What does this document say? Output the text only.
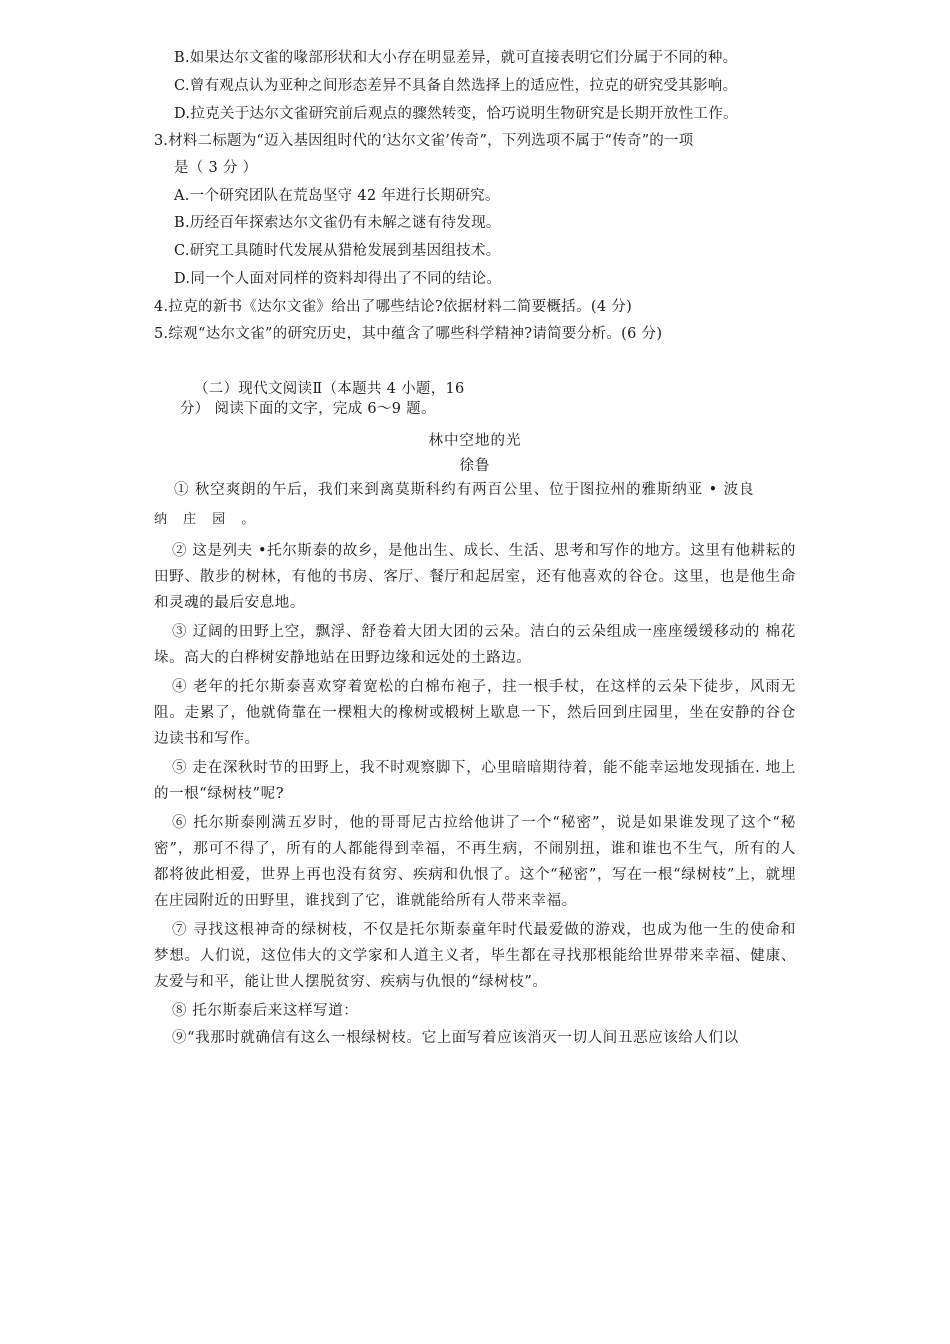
B.如果达尔文雀的喙部形状和大小存在明显差异，就可直接表明它们分属于不同的种。
C.曾有观点认为亚种之间形态差异不具备自然选择上的适应性，拉克的研究受其影响。
D.拉克关于达尔文雀研究前后观点的骤然转变，恰巧说明生物研究是长期开放性工作。
3.材料二标题为“迈入基因组时代的‘达尔文雀’传奇”，下列选项不属于“传奇”的一项
是（ 3 分 ）
A.一个研究团队在荒岛坚守 42 年进行长期研究。
B.历经百年探索达尔文雀仍有未解之谜有待发现。
C.研究工具随时代发展从猎枪发展到基因组技术。
D.同一个人面对同样的资料却得出了不同的结论。
4.拉克的新书《达尔文雀》给出了哪些结论?依据材料二简要概括。(4 分)
5.综观“达尔文雀”的研究历史，其中蕴含了哪些科学精神?请简要分析。(6 分)
（二）现代文阅读Ⅱ（本题共 4 小题，16
分） 阅读下面的文字，完成 6～9 题。
林中空地的光
徐鲁
① 秋空爽朗的午后，我们来到离莫斯科约有两百公里、位于图拉州的雅斯纳亚 • 波良
纳 庄 园 。
② 这是列夫 •托尔斯泰的故乡，是他出生、成长、生活、思考和写作的地方。这里有他耕耘的田野、散步的树林，有他的书房、客厅、餐厅和起居室，还有他喜欢的谷仓。这里，也是他生命和灵魂的最后安息地。
③ 辽阔的田野上空，飘浮、舒卷着大团大团的云朵。洁白的云朵组成一座座缓缓移动的 棉花垛。高大的白桦树安静地站在田野边缘和远处的土路边。
④ 老年的托尔斯泰喜欢穿着宽松的白棉布袍子，拄一根手杖，在这样的云朵下徒步，风雨无阻。走累了，他就倚靠在一棵粗大的橡树或椴树上歇息一下，然后回到庄园里，坐在安静的谷仓边读书和写作。
⑤ 走在深秋时节的田野上，我不时观察脚下，心里暗暗期待着，能不能幸运地发现插在. 地上的一根“绿树枝”呢?
⑥ 托尔斯泰刚满五岁时，他的哥哥尼古拉给他讲了一个“秘密”，说是如果谁发现了这个“秘密”，那可不得了，所有的人都能得到幸福，不再生病，不闹别扭，谁和谁也不生气，所有的人都将彼此相爱，世界上再也没有贫穷、疾病和仇恨了。这个“秘密”，写在一根“绿树枝”上，就埋在庄园附近的田野里，谁找到了它，谁就能给所有人带来幸福。
⑦ 寻找这根神奇的绿树枝，不仅是托尔斯泰童年时代最爱做的游戏，也成为他一生的使命和梦想。人们说，这位伟大的文学家和人道主义者，毕生都在寻找那根能给世界带来幸福、健康、友爱与和平，能让世人摆脱贫穷、疾病与仇恨的“绿树枝”。
⑧ 托尔斯泰后来这样写道：
⑨“我那时就确信有这么一根绿树枝。它上面写着应该消灭一切人间丑恶应该给人们以
